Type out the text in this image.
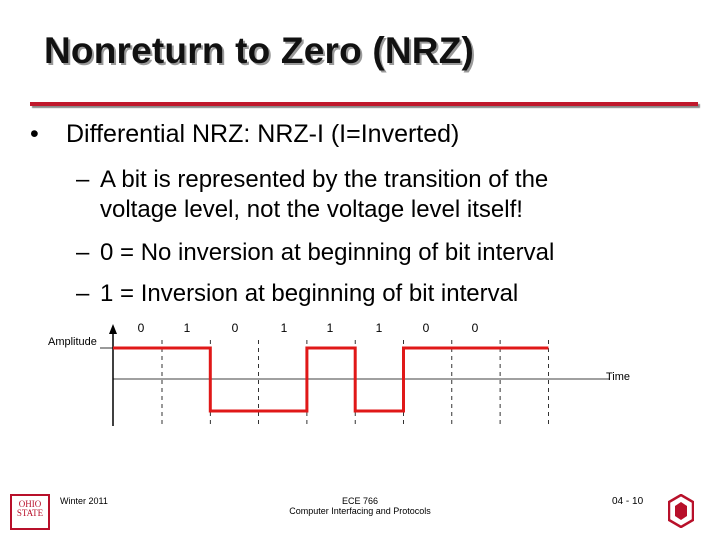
Nonreturn to Zero (NRZ)
• Differential NRZ: NRZ-I (I=Inverted)
– A bit is represented by the transition of the
voltage level, not the voltage level itself!
– 0 = No inversion at beginning of bit interval
– 1 = Inversion at beginning of bit interval
Amplitude
Time
0	1	0	1	1	1	0	0
OHIO
STATE
Winter 2011	ECE 766
Computer Interfacing and Protocols
04 - 10
